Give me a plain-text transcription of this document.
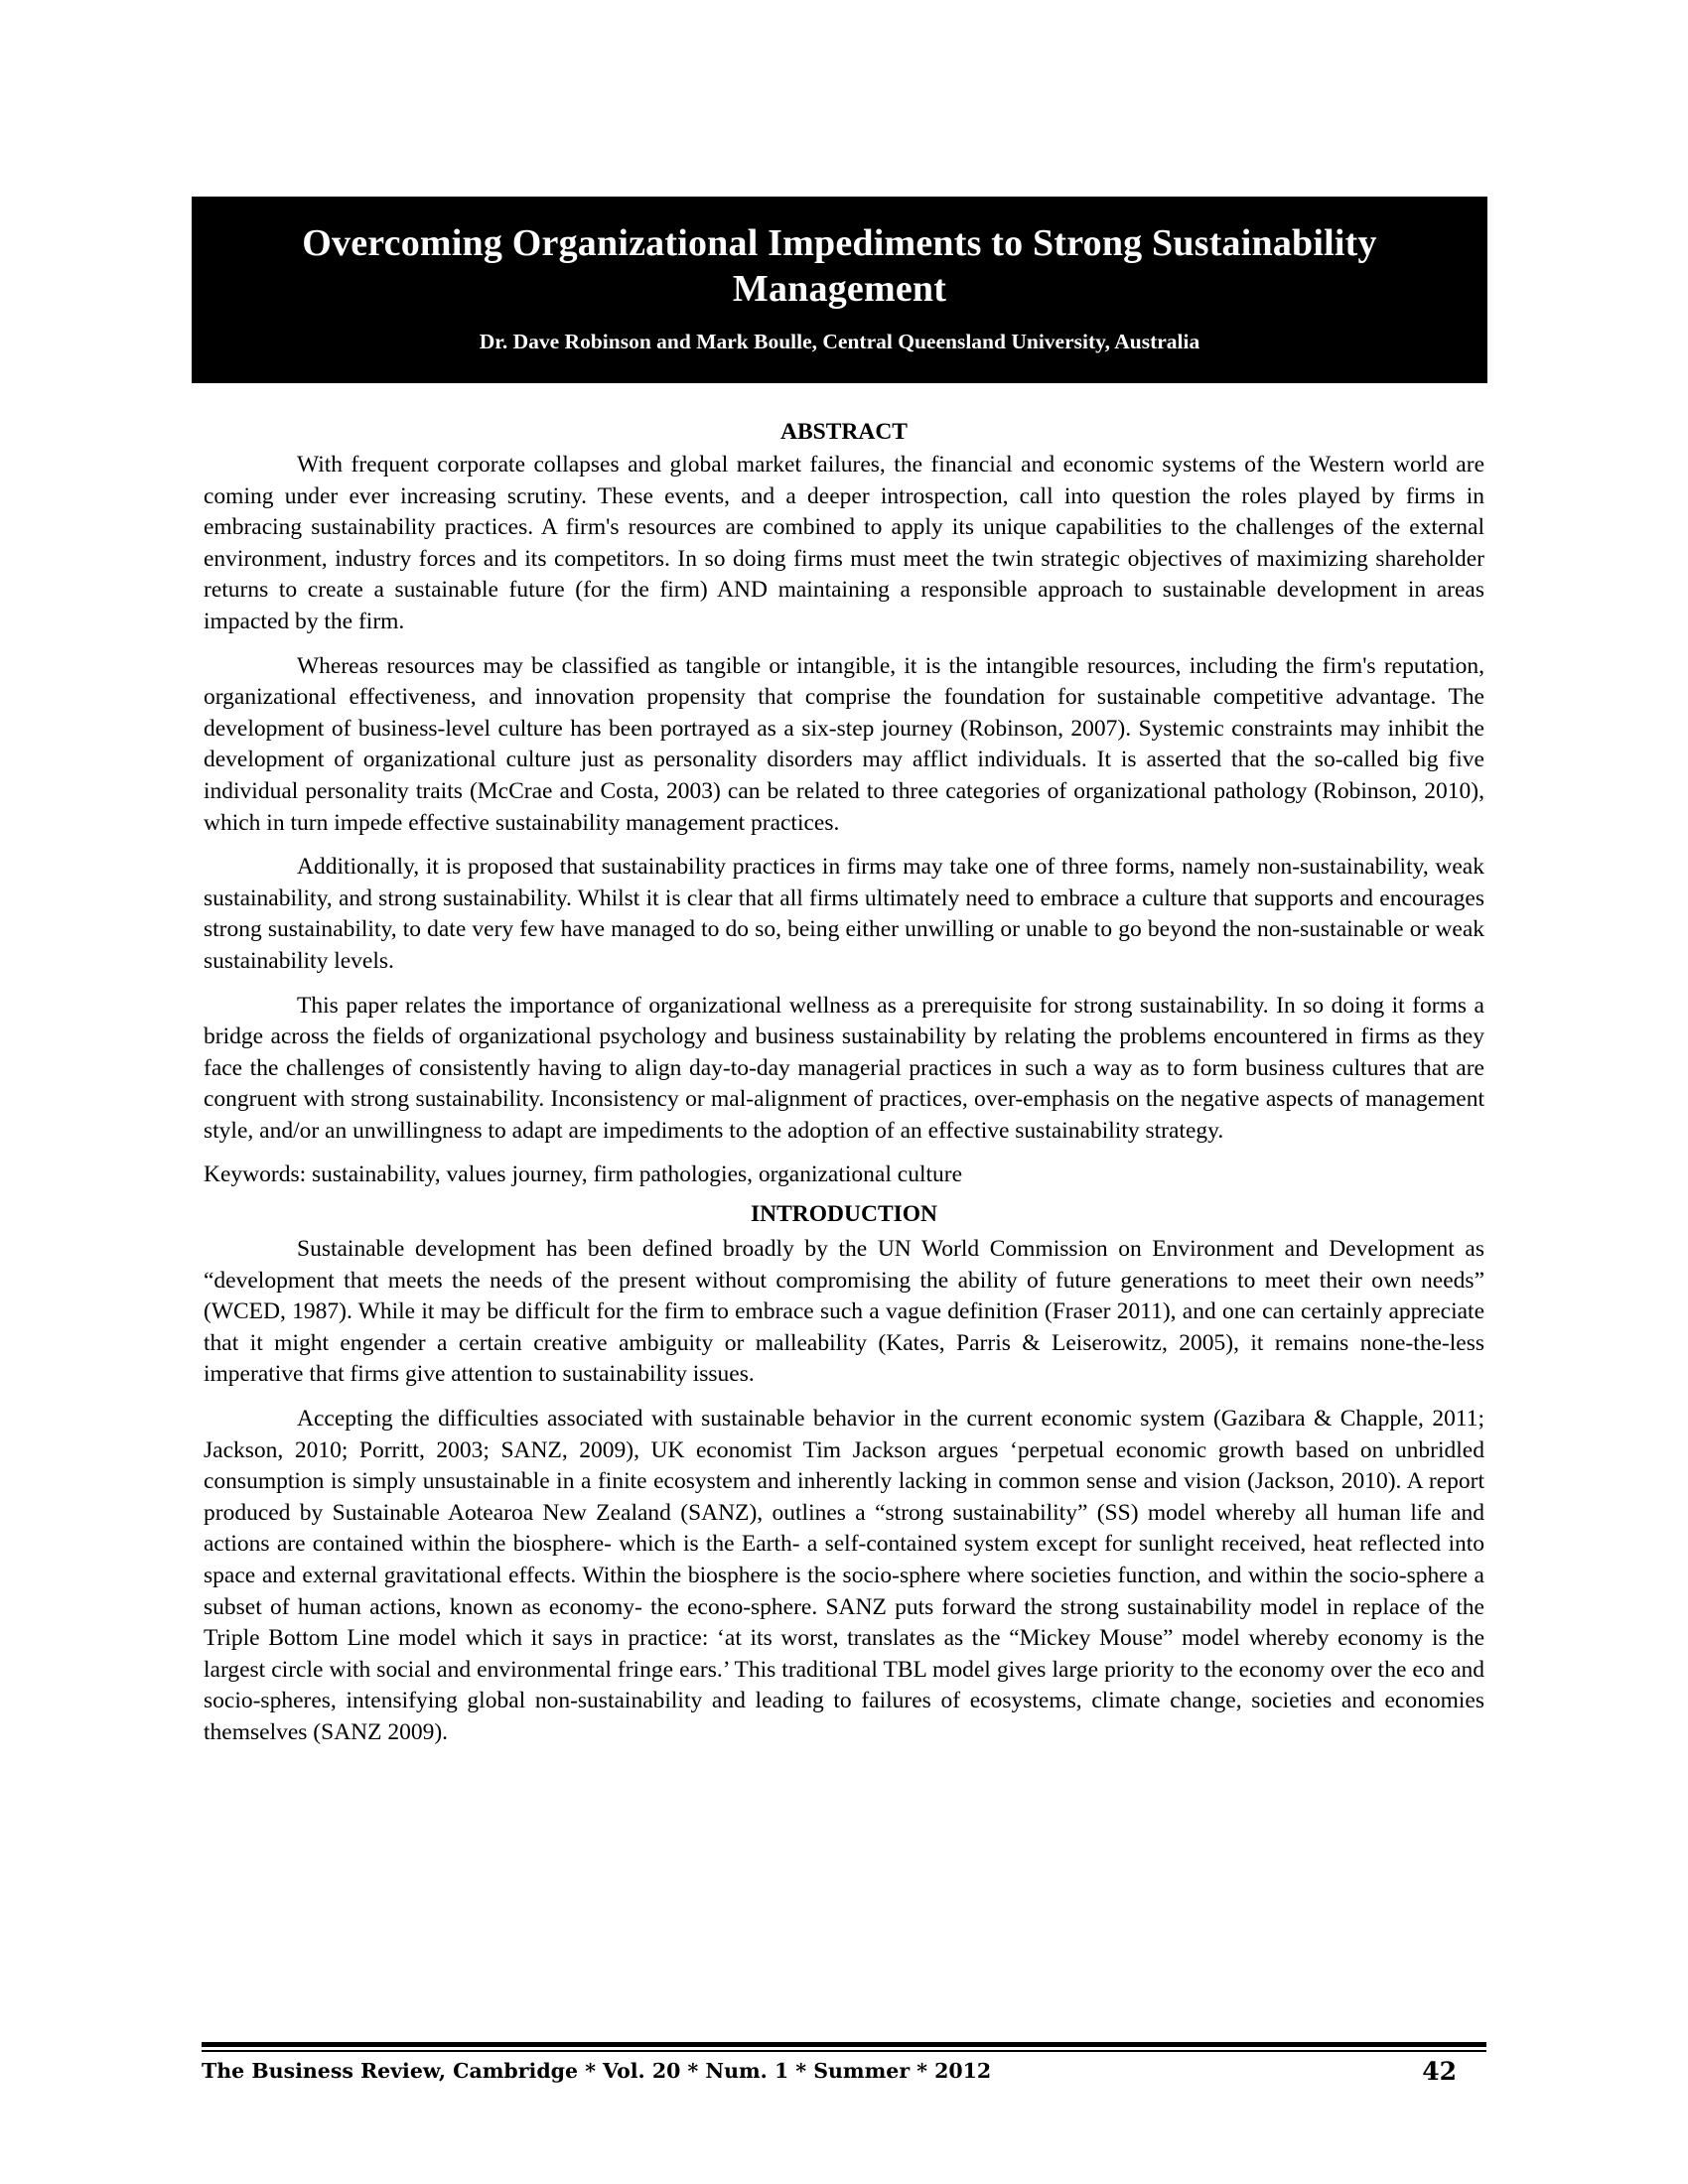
Overcoming Organizational Impediments to Strong Sustainability Management
Dr. Dave Robinson and Mark Boulle, Central Queensland University, Australia
ABSTRACT

With frequent corporate collapses and global market failures, the financial and economic systems of the Western world are coming under ever increasing scrutiny. These events, and a deeper introspection, call into question the roles played by firms in embracing sustainability practices. A firm's resources are combined to apply its unique capabilities to the challenges of the external environment, industry forces and its competitors. In so doing firms must meet the twin strategic objectives of maximizing shareholder returns to create a sustainable future (for the firm) AND maintaining a responsible approach to sustainable development in areas impacted by the firm.

Whereas resources may be classified as tangible or intangible, it is the intangible resources, including the firm's reputation, organizational effectiveness, and innovation propensity that comprise the foundation for sustainable competitive advantage. The development of business-level culture has been portrayed as a six-step journey (Robinson, 2007). Systemic constraints may inhibit the development of organizational culture just as personality disorders may afflict individuals. It is asserted that the so-called big five individual personality traits (McCrae and Costa, 2003) can be related to three categories of organizational pathology (Robinson, 2010), which in turn impede effective sustainability management practices.

Additionally, it is proposed that sustainability practices in firms may take one of three forms, namely non-sustainability, weak sustainability, and strong sustainability. Whilst it is clear that all firms ultimately need to embrace a culture that supports and encourages strong sustainability, to date very few have managed to do so, being either unwilling or unable to go beyond the non-sustainable or weak sustainability levels.

This paper relates the importance of organizational wellness as a prerequisite for strong sustainability. In so doing it forms a bridge across the fields of organizational psychology and business sustainability by relating the problems encountered in firms as they face the challenges of consistently having to align day-to-day managerial practices in such a way as to form business cultures that are congruent with strong sustainability. Inconsistency or mal-alignment of practices, over-emphasis on the negative aspects of management style, and/or an unwillingness to adapt are impediments to the adoption of an effective sustainability strategy.

Keywords: sustainability, values journey, firm pathologies, organizational culture

INTRODUCTION

Sustainable development has been defined broadly by the UN World Commission on Environment and Development as “development that meets the needs of the present without compromising the ability of future generations to meet their own needs” (WCED, 1987). While it may be difficult for the firm to embrace such a vague definition (Fraser 2011), and one can certainly appreciate that it might engender a certain creative ambiguity or malleability (Kates, Parris & Leiserowitz, 2005), it remains none-the-less imperative that firms give attention to sustainability issues.

Accepting the difficulties associated with sustainable behavior in the current economic system (Gazibara & Chapple, 2011; Jackson, 2010; Porritt, 2003; SANZ, 2009), UK economist Tim Jackson argues ‘perpetual economic growth based on unbridled consumption is simply unsustainable in a finite ecosystem and inherently lacking in common sense and vision (Jackson, 2010). A report produced by Sustainable Aotearoa New Zealand (SANZ), outlines a “strong sustainability” (SS) model whereby all human life and actions are contained within the biosphere- which is the Earth- a self-contained system except for sunlight received, heat reflected into space and external gravitational effects. Within the biosphere is the socio-sphere where societies function, and within the socio-sphere a subset of human actions, known as economy- the econo-sphere. SANZ puts forward the strong sustainability model in replace of the Triple Bottom Line model which it says in practice: ‘at its worst, translates as the “Mickey Mouse” model whereby economy is the largest circle with social and environmental fringe ears.’ This traditional TBL model gives large priority to the economy over the eco and socio-spheres, intensifying global non-sustainability and leading to failures of ecosystems, climate change, societies and economies themselves (SANZ 2009).

The Business Review, Cambridge * Vol. 20 * Num. 1 * Summer * 2012	42
